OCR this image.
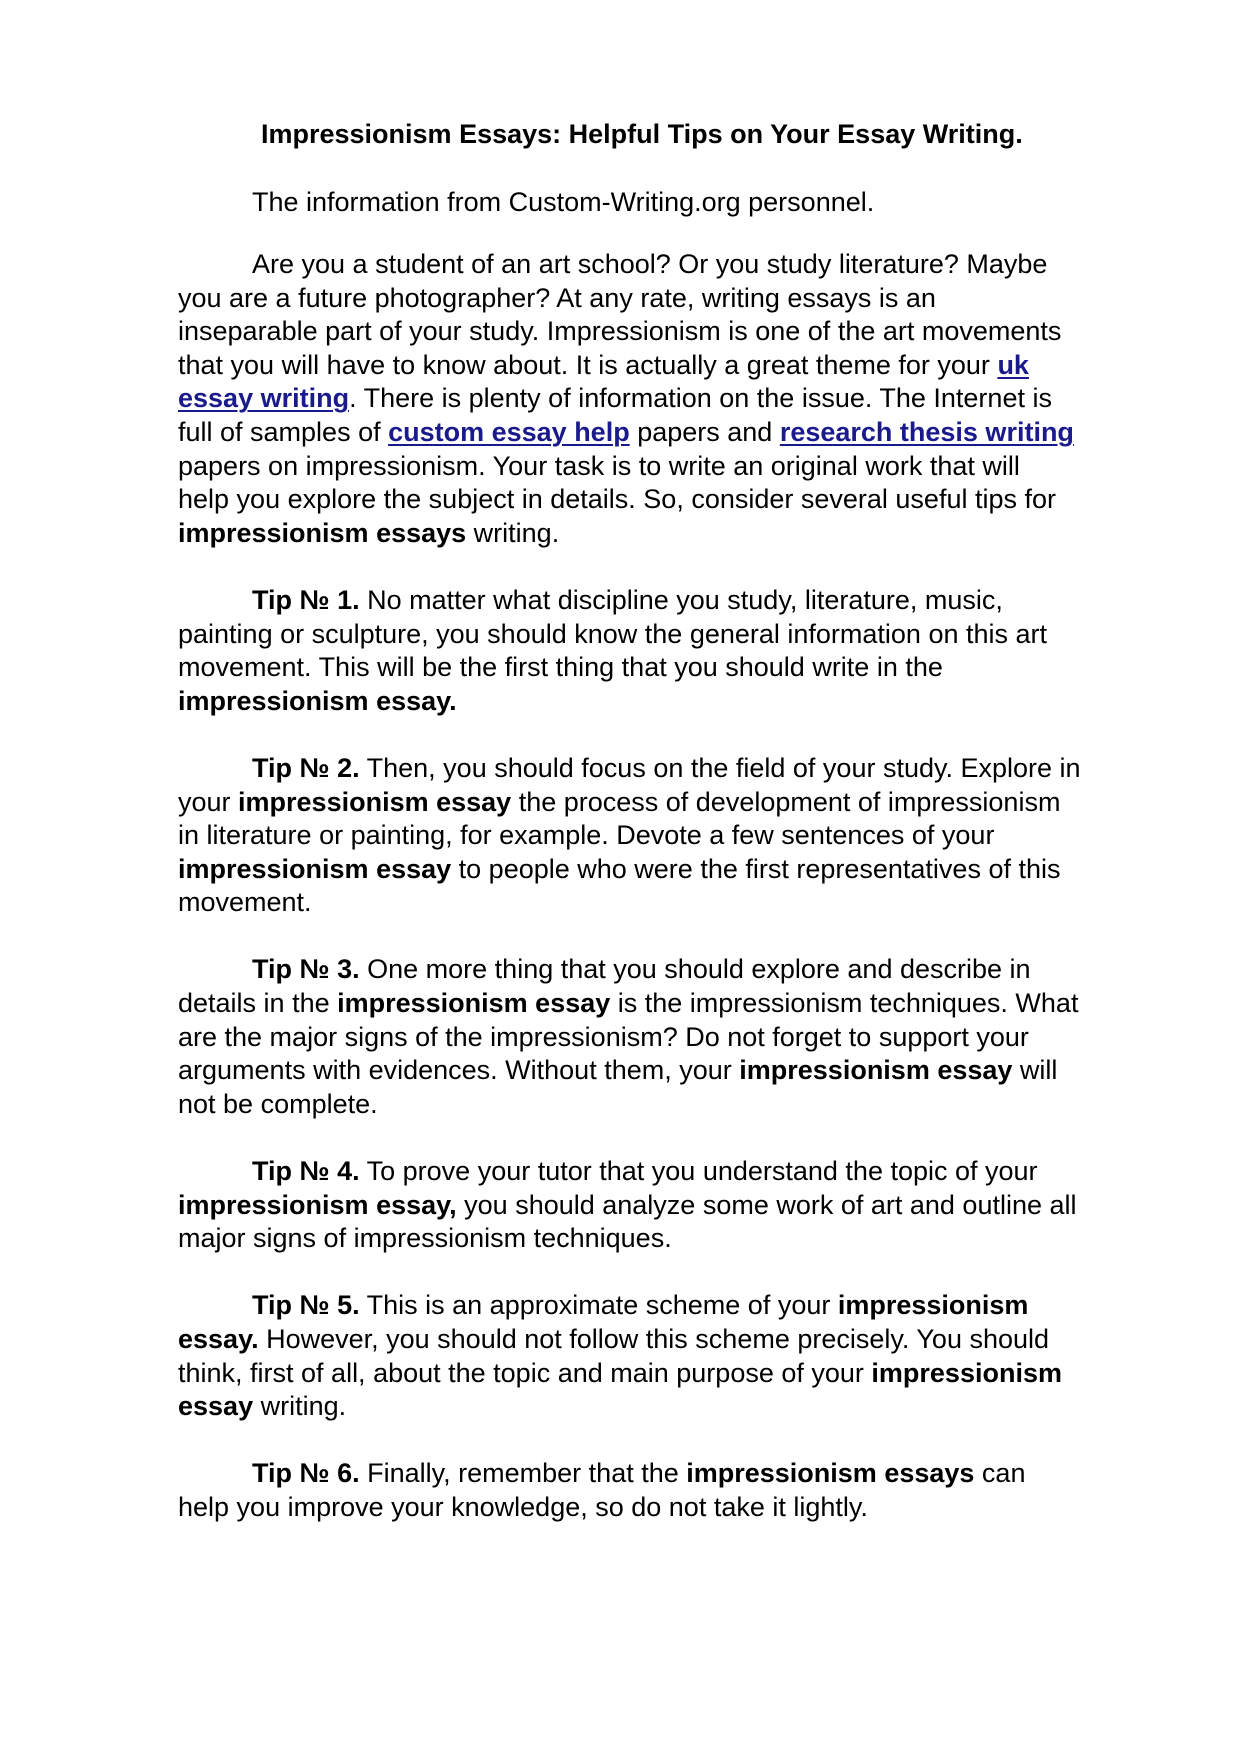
Impressionism Essays: Helpful Tips on Your Essay Writing.
The information from Custom-Writing.org personnel.
Are you a student of an art school? Or you study literature? Maybe
you are a future photographer? At any rate, writing essays is an
inseparable part of your study. Impressionism is one of the art movements
that you will have to know about. It is actually a great theme for your uk
essay writing. There is plenty of information on the issue. The Internet is
full of samples of custom essay help papers and research thesis writing
papers on impressionism. Your task is to write an original work that will
help you explore the subject in details. So, consider several useful tips for
impressionism essays writing.
Tip № 1. No matter what discipline you study, literature, music,
painting or sculpture, you should know the general information on this art
movement. This will be the first thing that you should write in the
impressionism essay.
Tip № 2. Then, you should focus on the field of your study. Explore in
your impressionism essay the process of development of impressionism
in literature or painting, for example. Devote a few sentences of your
impressionism essay to people who were the first representatives of this
movement.
Tip № 3. One more thing that you should explore and describe in
details in the impressionism essay is the impressionism techniques. What
are the major signs of the impressionism? Do not forget to support your
arguments with evidences. Without them, your impressionism essay will
not be complete.
Tip № 4. To prove your tutor that you understand the topic of your
impressionism essay, you should analyze some work of art and outline all
major signs of impressionism techniques.
Tip № 5. This is an approximate scheme of your impressionism
essay. However, you should not follow this scheme precisely. You should
think, first of all, about the topic and main purpose of your impressionism
essay writing.
Tip № 6. Finally, remember that the impressionism essays can
help you improve your knowledge, so do not take it lightly.
